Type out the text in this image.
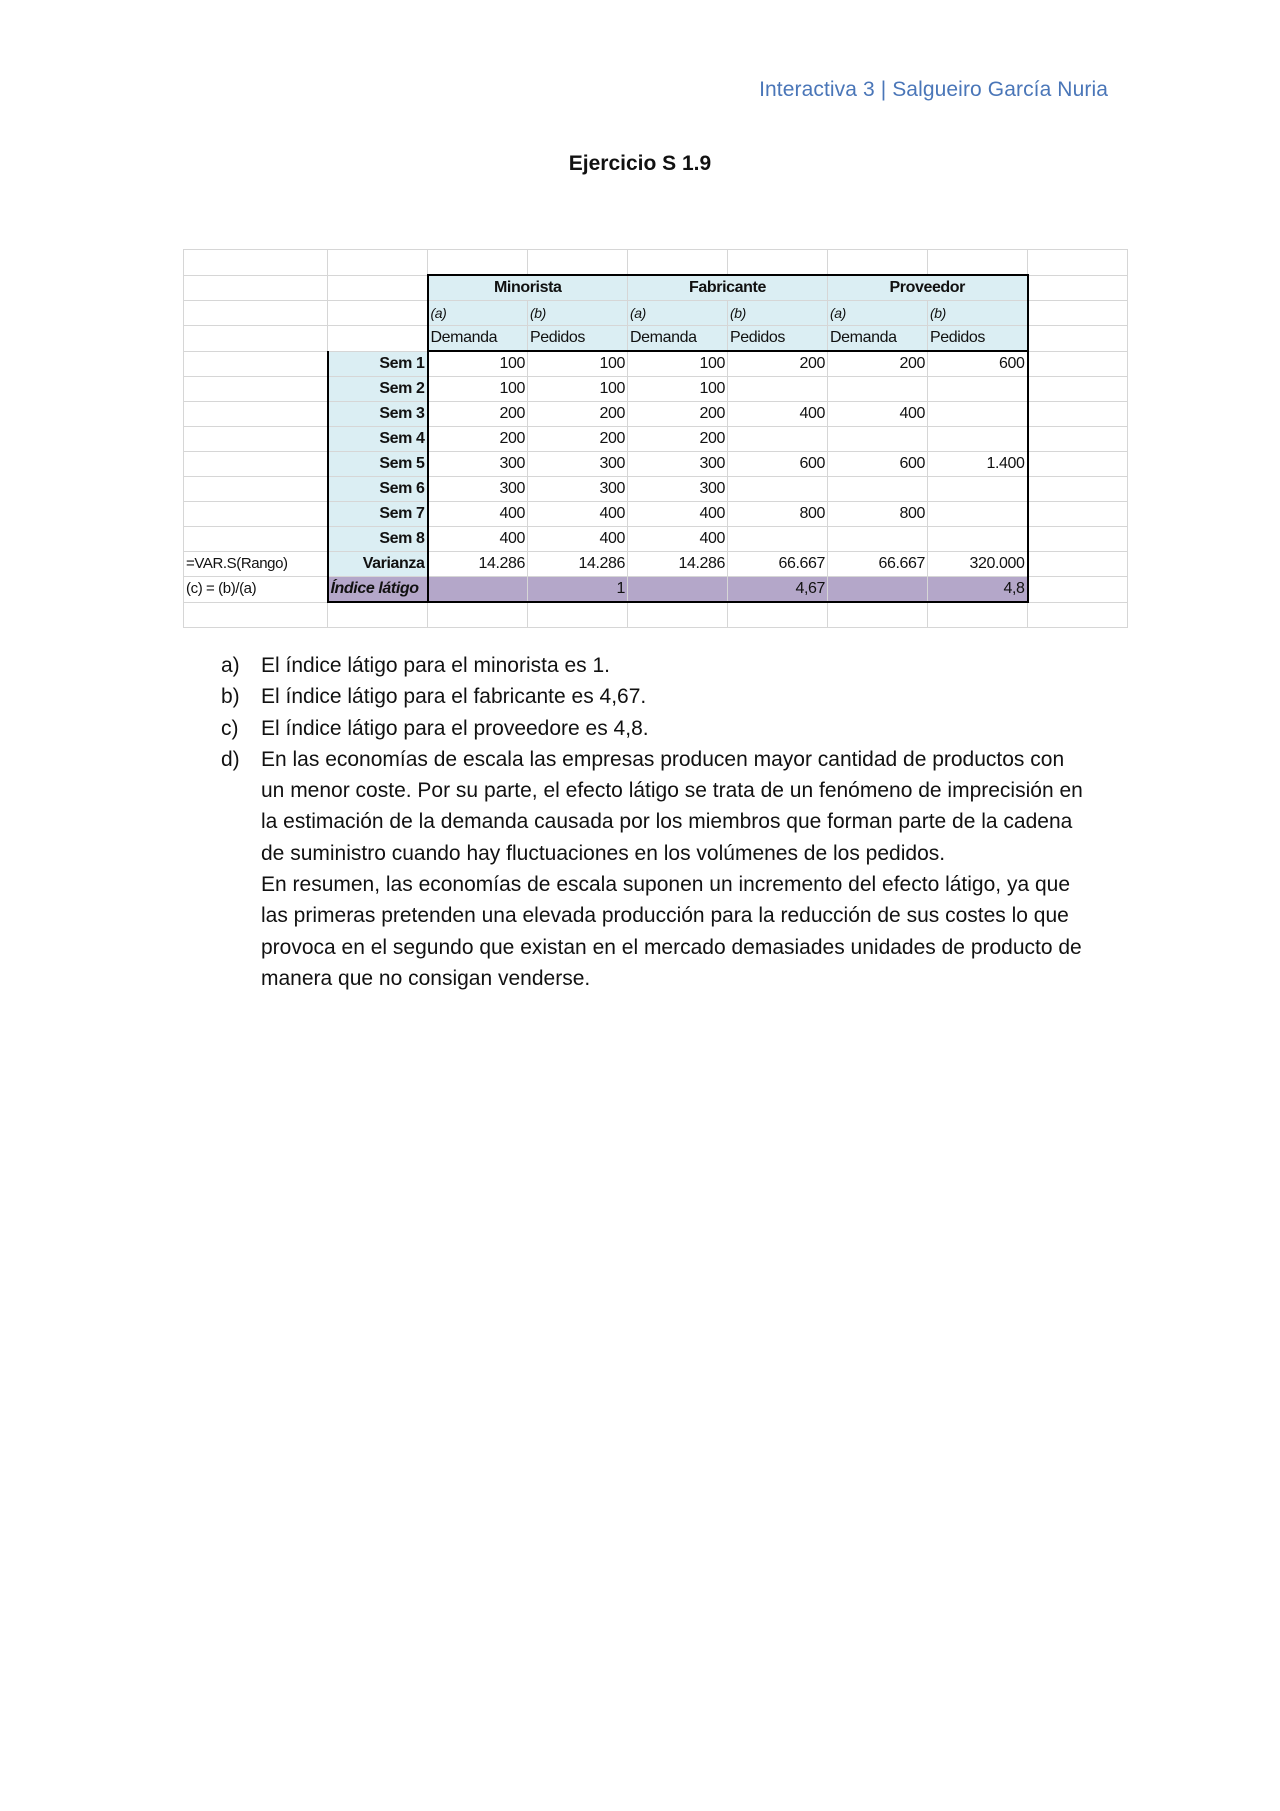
Interactiva 3 | Salgueiro García Nuria
Ejercicio S 1.9

		Minorista		Fabricante		Proveedor		
		(a)	(b)	(a)	(b)	(a)	(b)	
		Demanda	Pedidos	Demanda	Pedidos	Demanda	Pedidos	
	Sem 1	100	100	100	200	200	600	
	Sem 2	100	100	100				
	Sem 3	200	200	200	400	400		
	Sem 4	200	200	200				
	Sem 5	300	300	300	600	600	1.400	
	Sem 6	300	300	300				
	Sem 7	400	400	400	800	800		
	Sem 8	400	400	400				
=VAR.S(Rango)	Varianza	14.286	14.286	14.286	66.667	66.667	320.000	
(c) = (b)/(a)	Índice látigo		1		4,67		4,8	

a) El índice látigo para el minorista es 1.
b) El índice látigo para el fabricante es 4,67.
c) El índice látigo para el proveedore es 4,8.
d) En las economías de escala las empresas producen mayor cantidad de productos con un menor coste. Por su parte, el efecto látigo se trata de un fenómeno de imprecisión en la estimación de la demanda causada por los miembros que forman parte de la cadena de suministro cuando hay fluctuaciones en los volúmenes de los pedidos.
En resumen, las economías de escala suponen un incremento del efecto látigo, ya que las primeras pretenden una elevada producción para la reducción de sus costes lo que provoca en el segundo que existan en el mercado demasiades unidades de producto de manera que no consigan venderse.
